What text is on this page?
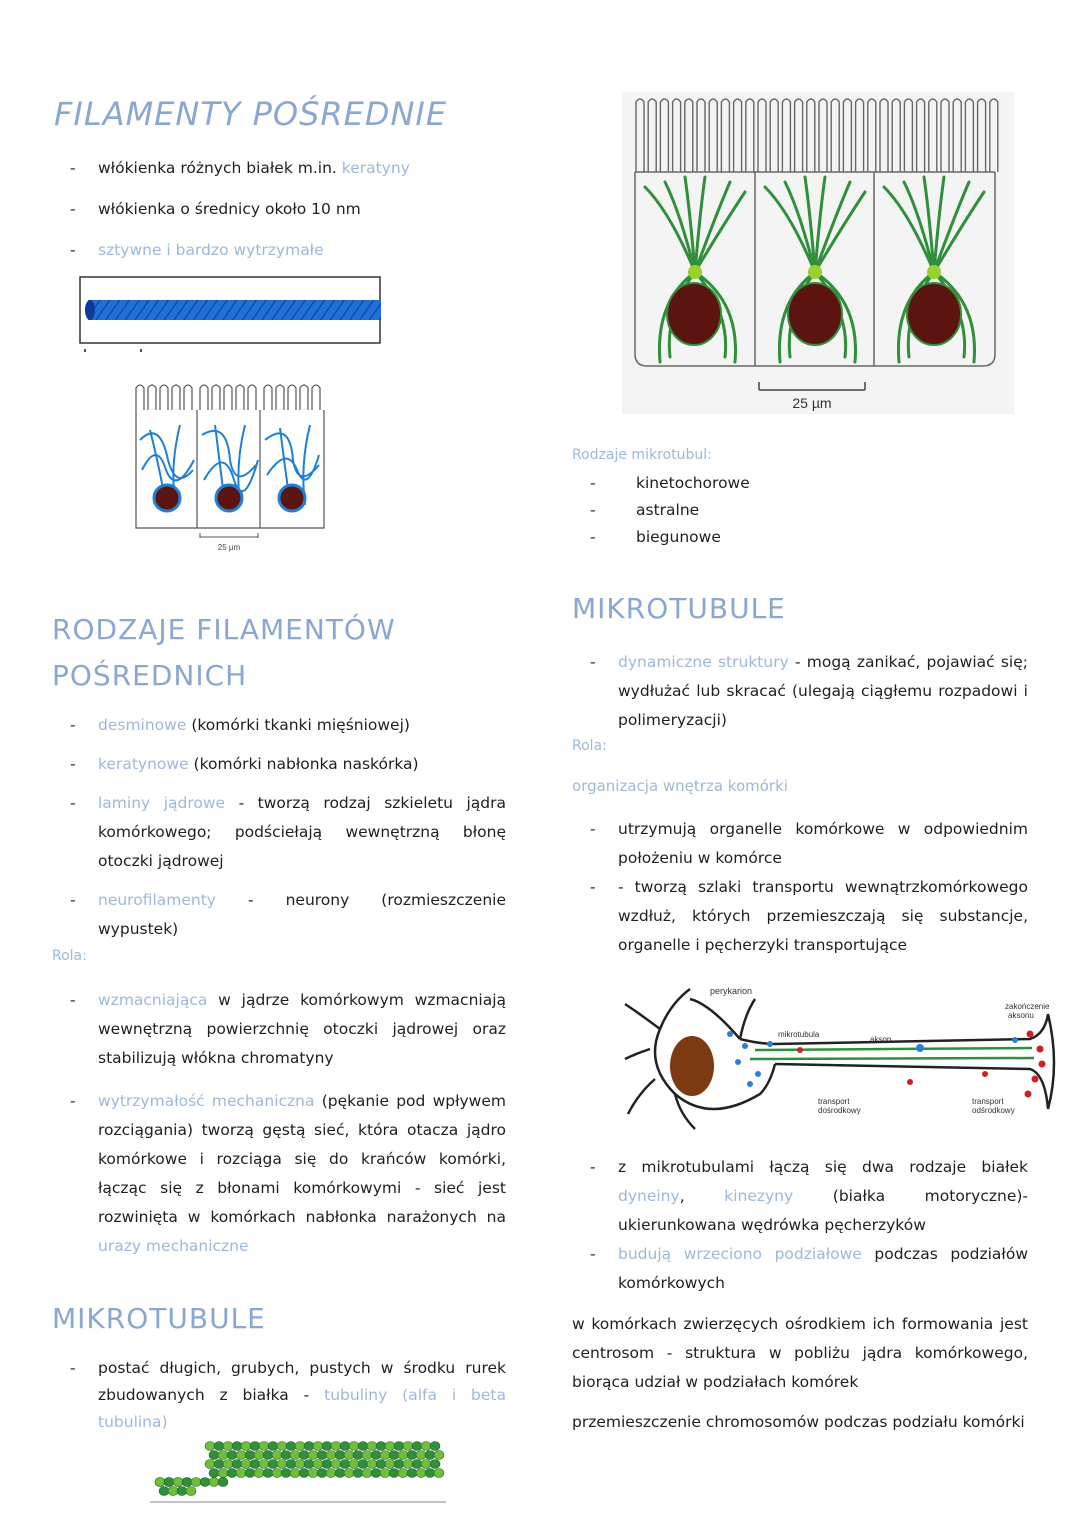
FILAMENTY POŚREDNIE
- włókienka różnych białek m.in. keratyny
- włókienka o średnicy około 10 nm
- sztywne i bardzo wytrzymałe
25 µm
RODZAJE FILAMENTÓW
POŚREDNICH
- desminowe (komórki tkanki mięśniowej)
- keratynowe (komórki nabłonka naskórka)
- laminy jądrowe - tworzą rodzaj szkieletu jądra komórkowego; podściełają wewnętrzną błonę otoczki jądrowej
- neurofilamenty - neurony (rozmieszczenie wypustek)
Rola:
- wzmacniająca w jądrze komórkowym wzmacniają wewnętrzną powierzchnię otoczki jądrowej oraz stabilizują włókna chromatyny
- wytrzymałość mechaniczna (pękanie pod wpływem rozciągania) tworzą gęstą sieć, która otacza jądro komórkowe i rozciąga się do krańców komórki, łącząc się z błonami komórkowymi - sieć jest rozwinięta w komórkach nabłonka narażonych na urazy mechaniczne
MIKROTUBULE
- postać długich, grubych, pustych w środku rurek zbudowanych z białka - tubuliny (alfa i beta tubulina)
25 µm
Rodzaje mikrotubul:
- kinetochorowe
- astralne
- biegunowe
MIKROTUBULE
- dynamiczne struktury - mogą zanikać, pojawiać się; wydłużać lub skracać (ulegają ciągłemu rozpadowi i polimeryzacji)
Rola:
organizacja wnętrza komórki
- utrzymują organelle komórkowe w odpowiednim położeniu w komórce
- - tworzą szlaki transportu wewnątrzkomórkowego wzdłuż, których przemieszczają się substancje, organelle i pęcherzyki transportujące
perykarion
mikrotubula
akson
zakończenie
aksonu
transport
dośrodkowy
transport
odśrodkowy
- z mikrotubulami łączą się dwa rodzaje białek dyneiny, kinezyny (białka motoryczne)-ukierunkowana wędrówka pęcherzyków
- budują wrzeciono podziałowe podczas podziałów komórkowych
w komórkach zwierzęcych ośrodkiem ich formowania jest centrosom - struktura w pobliżu jądra komórkowego, biorąca udział w podziałach komórek
przemieszczenie chromosomów podczas podziału komórki
